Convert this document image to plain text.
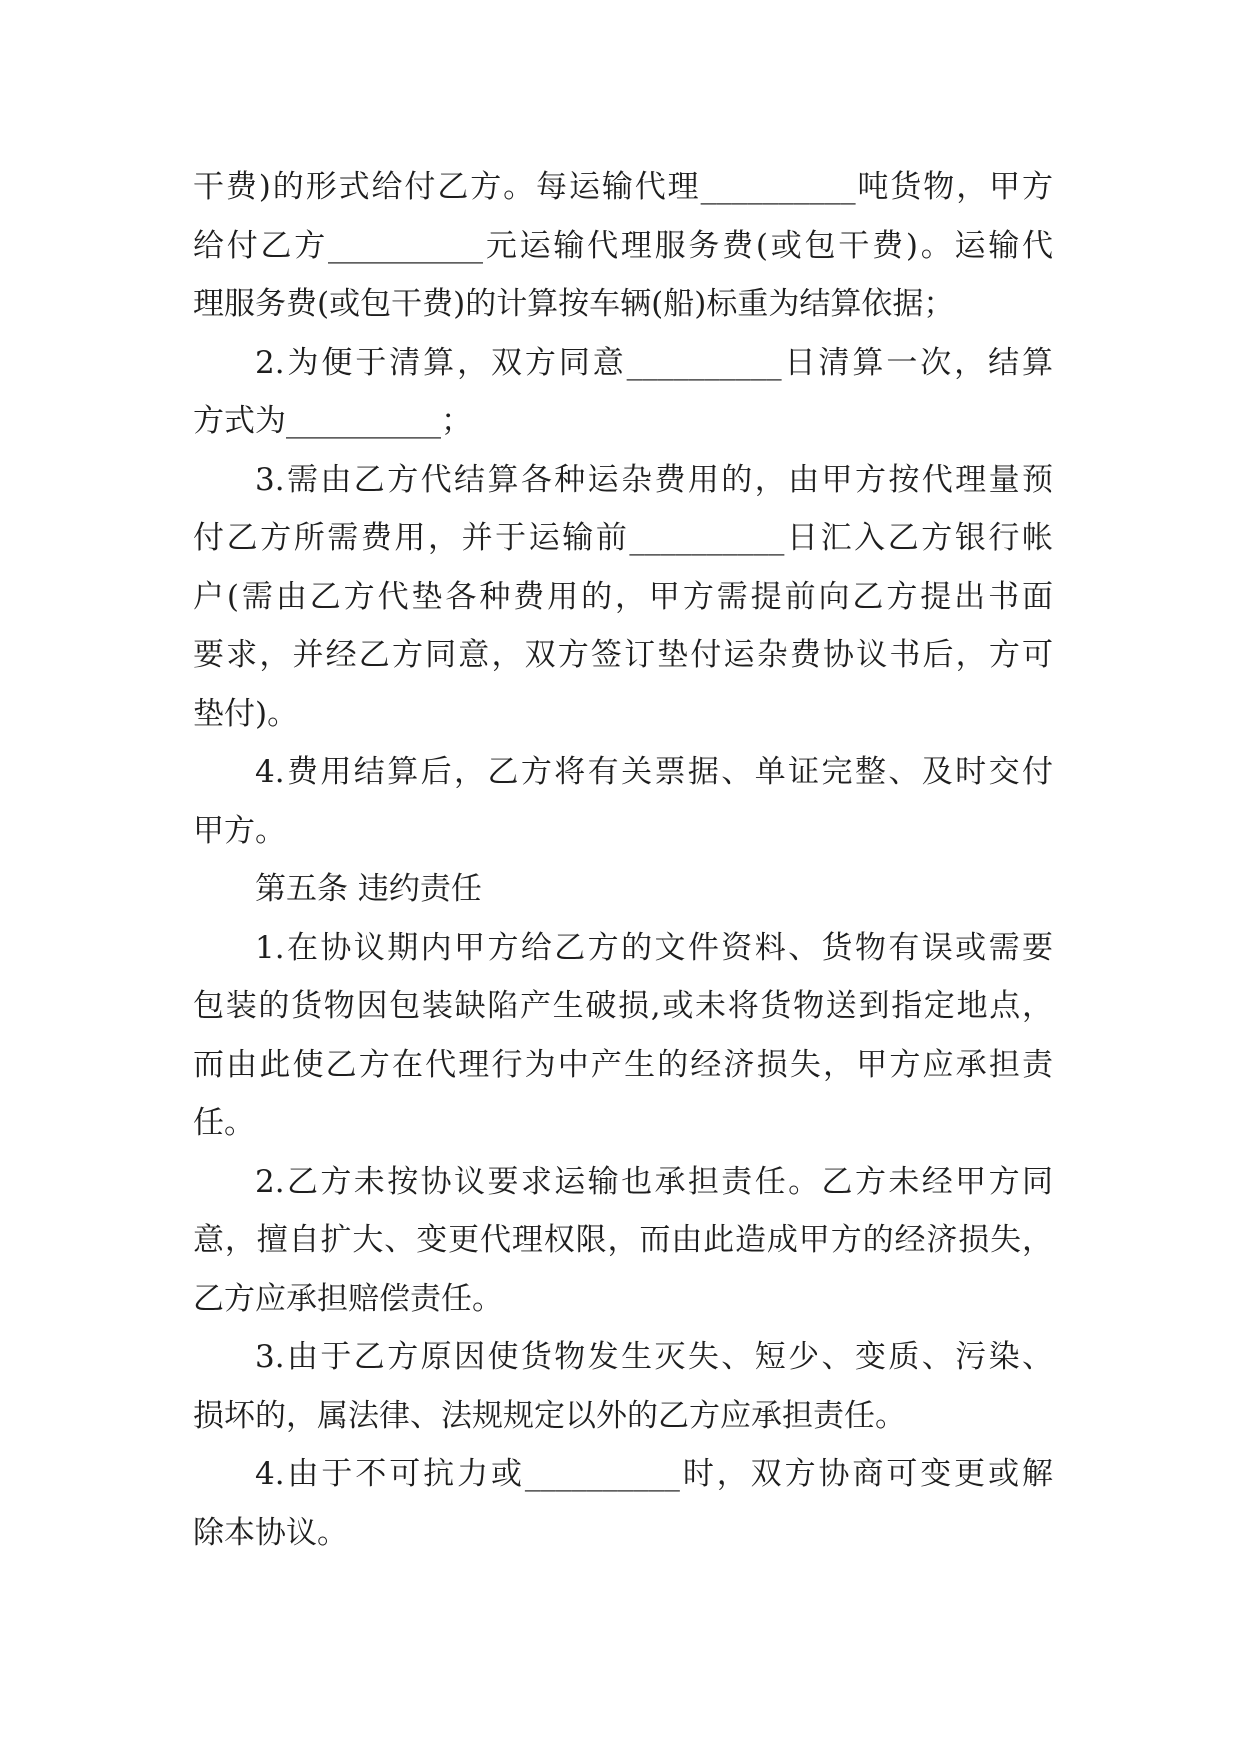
干费)的形式给付乙方。每运输代理__________吨货物，甲方
给付乙方__________元运输代理服务费(或包干费)。运输代
理服务费(或包干费)的计算按车辆(船)标重为结算依据；
2.为便于清算，双方同意__________日清算一次，结算
方式为__________；
3.需由乙方代结算各种运杂费用的，由甲方按代理量预
付乙方所需费用，并于运输前__________日汇入乙方银行帐
户(需由乙方代垫各种费用的，甲方需提前向乙方提出书面
要求，并经乙方同意，双方签订垫付运杂费协议书后，方可
垫付)。
4.费用结算后，乙方将有关票据、单证完整、及时交付
甲方。
第五条 违约责任
1.在协议期内甲方给乙方的文件资料、货物有误或需要
包装的货物因包装缺陷产生破损,或未将货物送到指定地点，
而由此使乙方在代理行为中产生的经济损失，甲方应承担责
任。
2.乙方未按协议要求运输也承担责任。乙方未经甲方同
意，擅自扩大、变更代理权限，而由此造成甲方的经济损失，
乙方应承担赔偿责任。
3.由于乙方原因使货物发生灭失、短少、变质、污染、
损坏的，属法律、法规规定以外的乙方应承担责任。
4.由于不可抗力或__________时，双方协商可变更或解
除本协议。
